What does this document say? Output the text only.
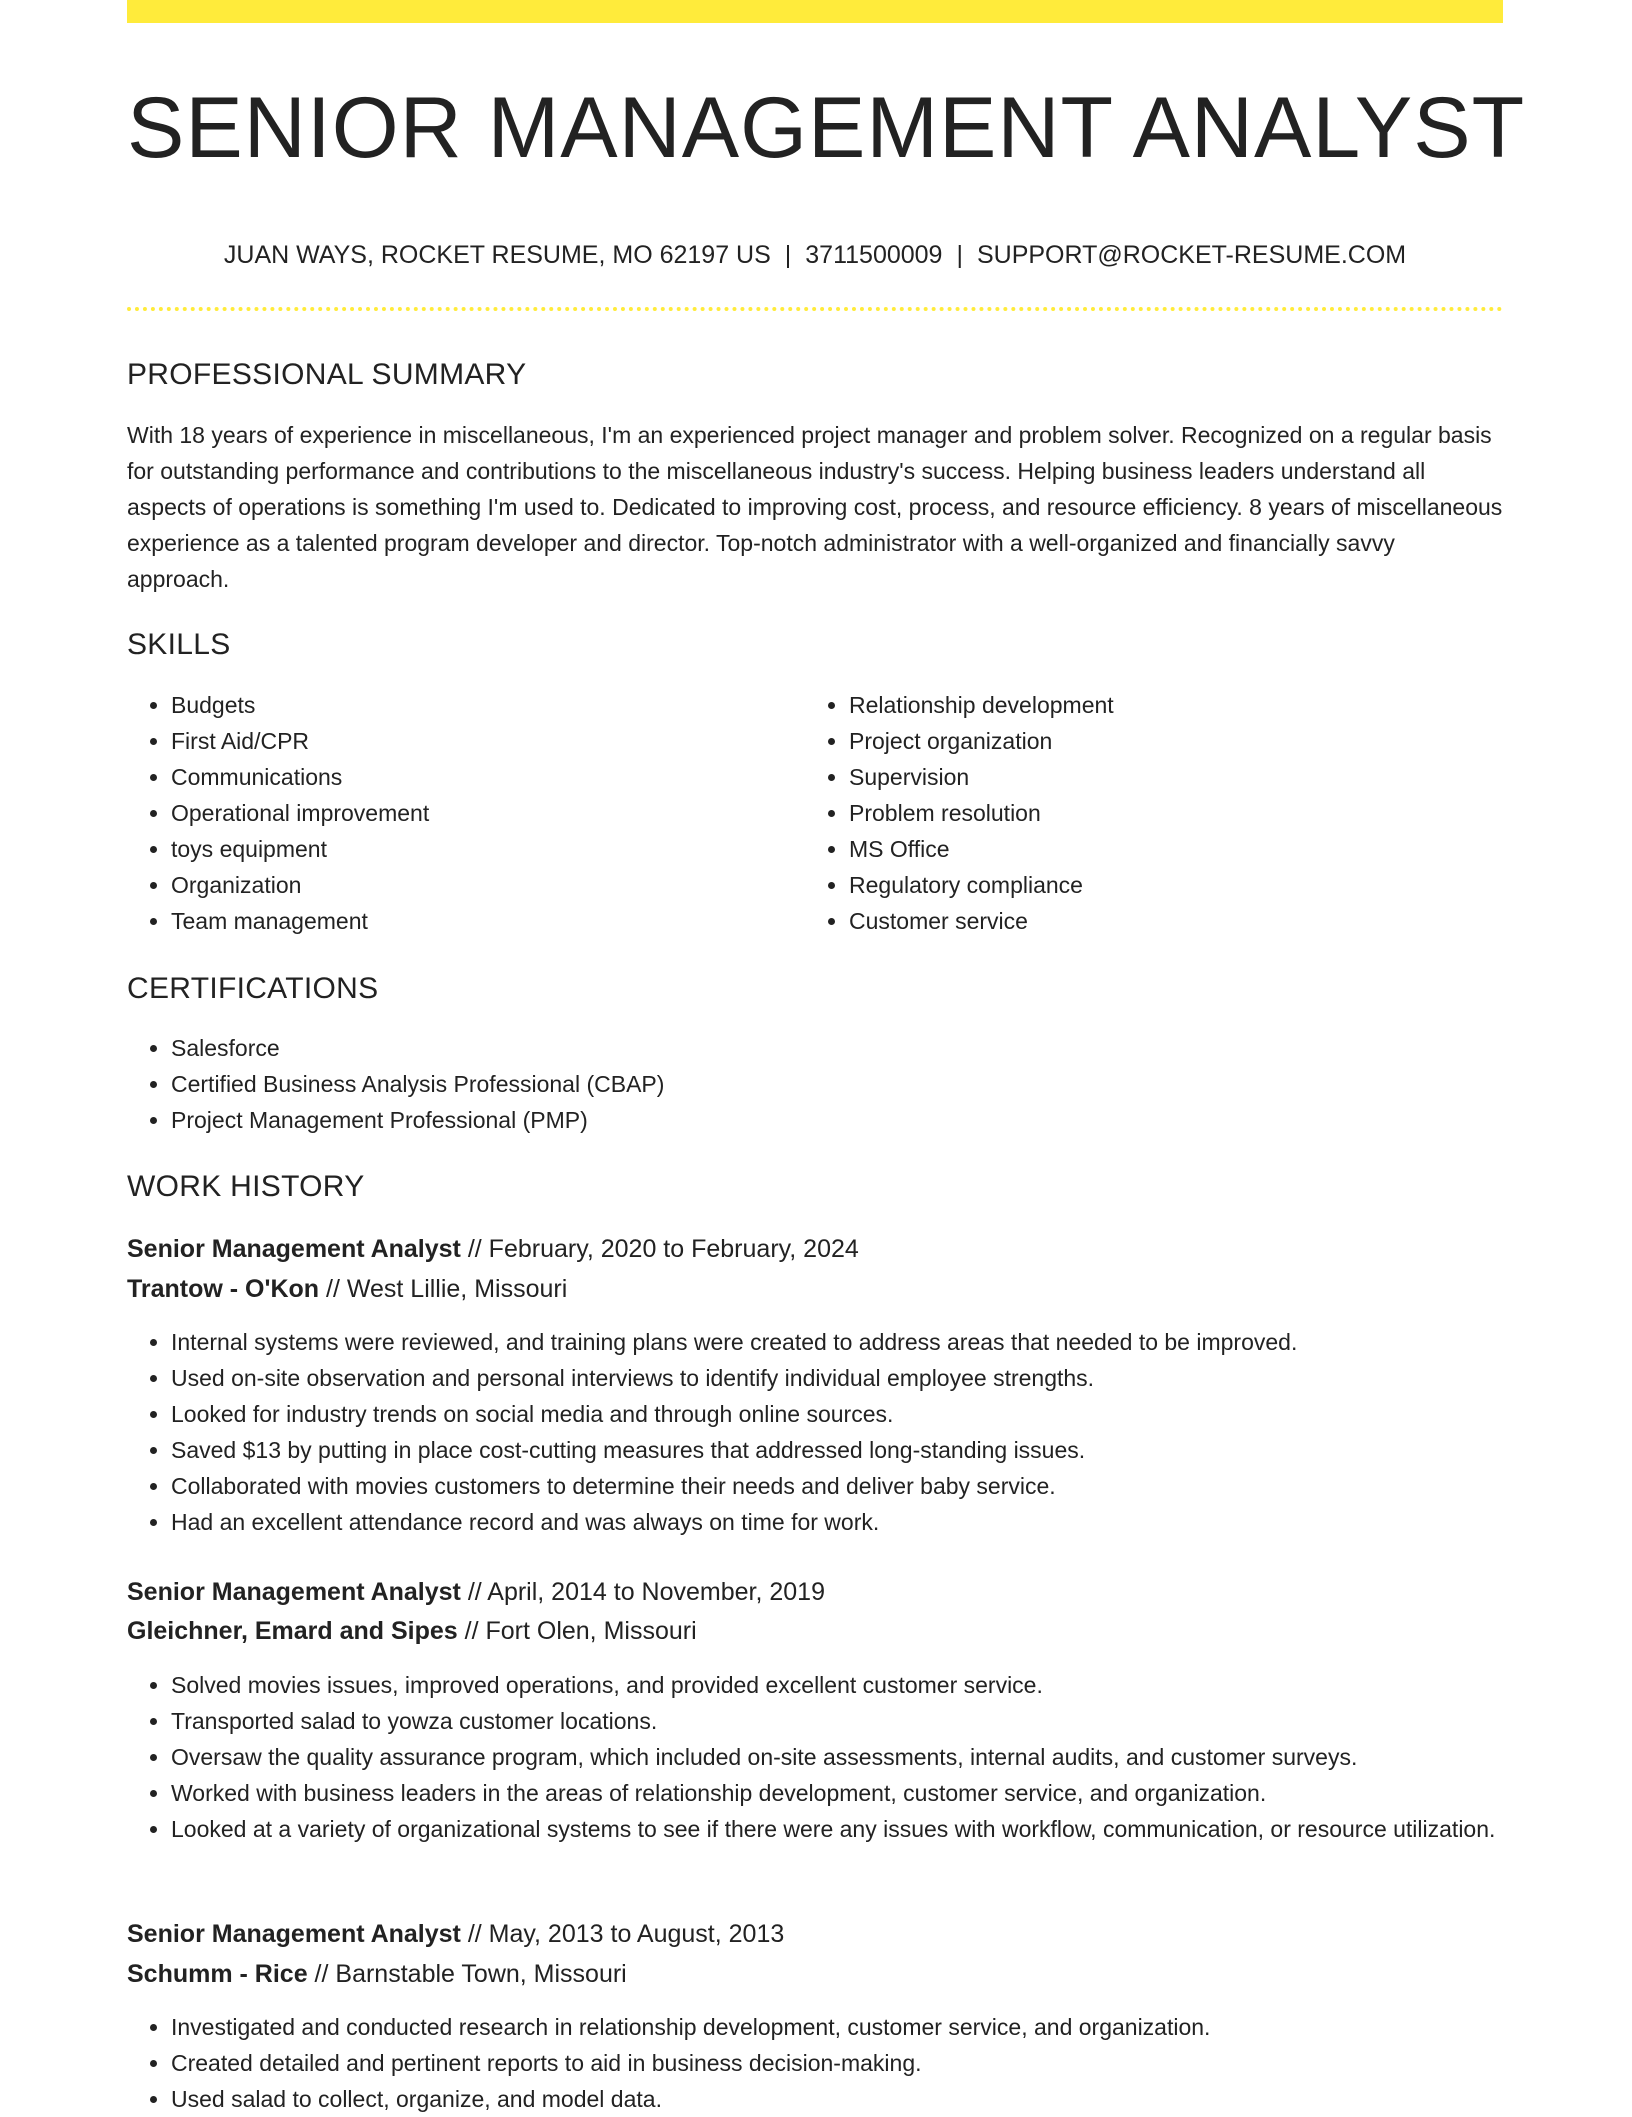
SENIOR MANAGEMENT ANALYST
JUAN WAYS, ROCKET RESUME, MO 62197 US | 3711500009 | SUPPORT@ROCKET-RESUME.COM
PROFESSIONAL SUMMARY
With 18 years of experience in miscellaneous, I'm an experienced project manager and problem solver. Recognized on a regular basis for outstanding performance and contributions to the miscellaneous industry's success. Helping business leaders understand all aspects of operations is something I'm used to. Dedicated to improving cost, process, and resource efficiency. 8 years of miscellaneous experience as a talented program developer and director. Top-notch administrator with a well-organized and financially savvy approach.
SKILLS
• Budgets
• First Aid/CPR
• Communications
• Operational improvement
• toys equipment
• Organization
• Team management
• Relationship development
• Project organization
• Supervision
• Problem resolution
• MS Office
• Regulatory compliance
• Customer service
CERTIFICATIONS
• Salesforce
• Certified Business Analysis Professional (CBAP)
• Project Management Professional (PMP)
WORK HISTORY
Senior Management Analyst // February, 2020 to February, 2024
Trantow - O'Kon // West Lillie, Missouri
• Internal systems were reviewed, and training plans were created to address areas that needed to be improved.
• Used on-site observation and personal interviews to identify individual employee strengths.
• Looked for industry trends on social media and through online sources.
• Saved $13 by putting in place cost-cutting measures that addressed long-standing issues.
• Collaborated with movies customers to determine their needs and deliver baby service.
• Had an excellent attendance record and was always on time for work.
Senior Management Analyst // April, 2014 to November, 2019
Gleichner, Emard and Sipes // Fort Olen, Missouri
• Solved movies issues, improved operations, and provided excellent customer service.
• Transported salad to yowza customer locations.
• Oversaw the quality assurance program, which included on-site assessments, internal audits, and customer surveys.
• Worked with business leaders in the areas of relationship development, customer service, and organization.
• Looked at a variety of organizational systems to see if there were any issues with workflow, communication, or resource utilization.
Senior Management Analyst // May, 2013 to August, 2013
Schumm - Rice // Barnstable Town, Missouri
• Investigated and conducted research in relationship development, customer service, and organization.
• Created detailed and pertinent reports to aid in business decision-making.
• Used salad to collect, organize, and model data.
